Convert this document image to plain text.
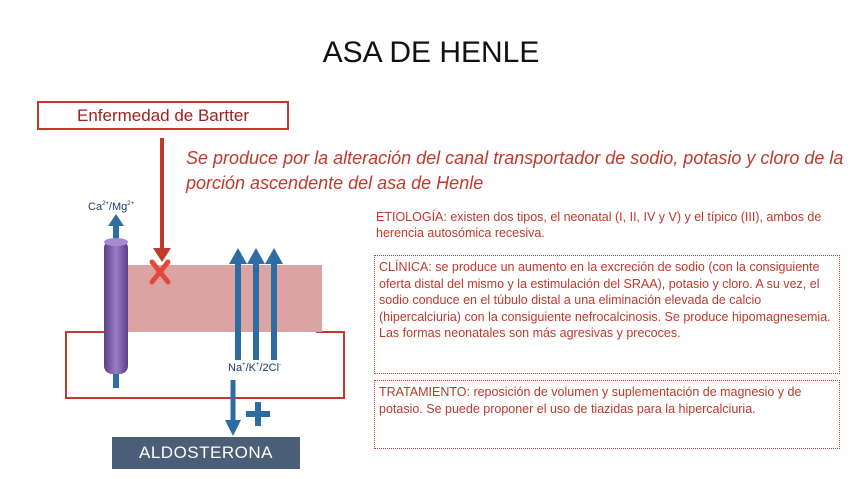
ASA DE HENLE
Enfermedad de Bartter
Se produce por la alteración del canal transportador de sodio, potasio y cloro de la porción ascendente del asa de Henle
ETIOLOGÍA: existen dos tipos, el neonatal (I, II, IV y V) y el típico (III), ambos de herencia autosómica recesiva.
CLÍNICA: se produce un aumento en la excreción de sodio (con la consiguiente oferta distal del mismo y la estimulación del SRAA), potasio y cloro. A su vez, el sodio conduce en el túbulo distal a una eliminación elevada de calcio (hipercalciuria) con la consiguiente nefrocalcinosis. Se produce hipomagnesemia. Las formas neonatales son más agresivas y precoces.
TRATAMIENTO: reposición de volumen y suplementación de magnesio y de potasio. Se puede proponer el uso de tiazidas para la hipercalciuria.
$Ca^{2+}/Mg^{2+}$
Na+/K+/2Cl-
ALDOSTERONA
